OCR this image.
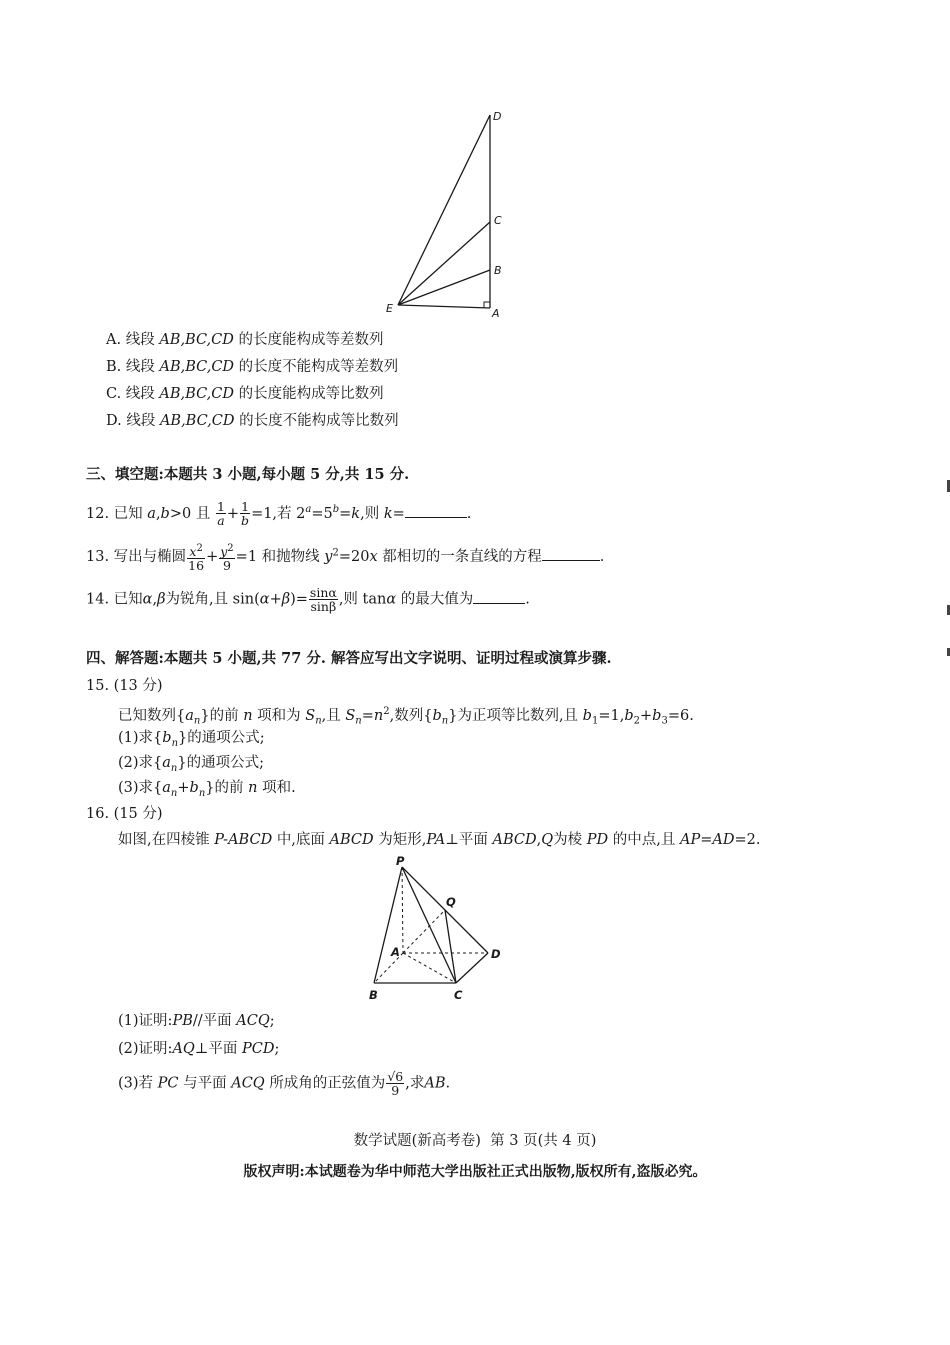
D
C
B
E	A
A. 线段 AB,BC,CD 的长度能构成等差数列
B. 线段 AB,BC,CD 的长度不能构成等差数列
C. 线段 AB,BC,CD 的长度能构成等比数列
D. 线段 AB,BC,CD 的长度不能构成等比数列
三、填空题:本题共 3 小题,每小题 5 分,共 15 分.
12. 已知 a,b>0 且 $\frac{1}{a} + \frac{1}{b} =1$,若 $2^a=5^b=k$,则 k=	.
13. 写出与椭圆 $\frac{x^2}{16} + \frac{y^2}{9} =1$ 和抛物线 $y^2=20x$ 都相切的一条直线的方程	.
14. 已知α,β为锐角,且 $\sin(\alpha+\beta)= \frac{\sin\alpha}{\sin\beta}$ ,则 tanα 的最大值为	.
四、解答题:本题共 5 小题,共 77 分. 解答应写出文字说明、证明过程或演算步骤.
15. (13 分)
已知数列$\{a_n\}$的前 n 项和为 $S_n$,且 $S_n=n^2$,数列$\{b_n\}$为正项等比数列,且 $b_1=1,b_2+b_3=6$.
(1)求$\{b_n\}$的通项公式;
(2)求$\{a_n\}$的通项公式;
(3)求$\{a_n+b_n\}$的前 n 项和.
16. (15 分)
如图,在四棱锥 P-ABCD 中,底面 ABCD 为矩形,PA⊥平面 ABCD,Q为棱 PD 的中点,且 AP=AD=2.
P
Q
A	D
B	C
(1)证明:PB//平面 ACQ;
(2)证明:AQ⊥平面 PCD;
(3)若 PC 与平面 ACQ 所成角的正弦值为 $\frac{√6}{9}$ ,求AB.
数学试题(新高考卷)  第 3 页(共 4 页)
版权声明:本试题卷为华中师范大学出版社正式出版物,版权所有,盗版必究。
